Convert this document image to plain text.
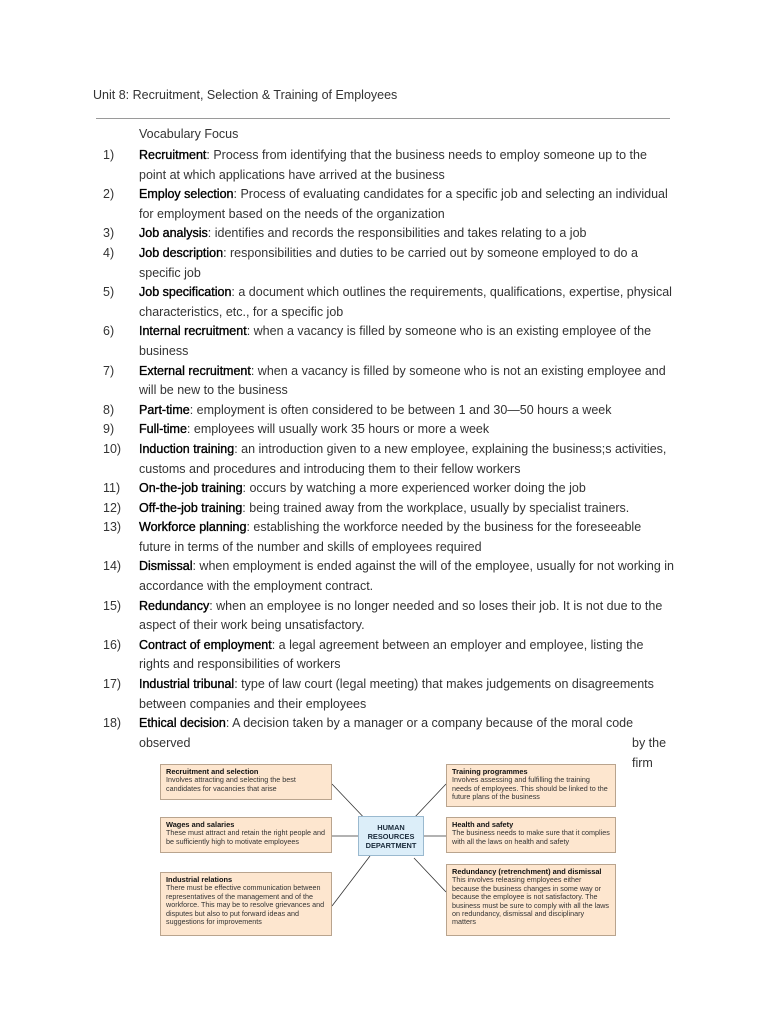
Unit 8: Recruitment, Selection & Training of Employees
Vocabulary Focus
1)	Recruitment: Process from identifying that the business needs to employ someone up to the point at which applications have arrived at the business
2)	Employ selection: Process of evaluating candidates for a specific job and selecting an individual for employment based on the needs of the organization
3)	Job analysis: identifies and records the responsibilities and takes relating to a job
4)	Job description: responsibilities and duties to be carried out by someone employed to do a specific job
5)	Job specification: a document which outlines the requirements, qualifications, expertise, physical characteristics, etc., for a specific job
6)	Internal recruitment: when a vacancy is filled by someone who is an existing employee of the business
7)	External recruitment: when a vacancy is filled by someone who is not an existing employee and will be new to the business
8)	Part-time: employment is often considered to be between 1 and 30—50 hours a week
9)	Full-time: employees will usually work 35 hours or more a week
10)	Induction training: an introduction given to a new employee, explaining the business;s activities, customs and procedures and introducing them to their fellow workers
11)	On-the-job training: occurs by watching a more experienced worker doing the job
12)	Off-the-job training: being trained away from the workplace, usually by specialist trainers.
13)	Workforce planning: establishing the workforce needed by the business for the foreseeable future in terms of the number and skills of employees required
14)	Dismissal: when employment is ended against the will of the employee, usually for not working in accordance with the employment contract.
15)	Redundancy: when an employee is no longer needed and so loses their job. It is not due to the aspect of their work being unsatisfactory.
16)	Contract of employment: a legal agreement between an employer and employee, listing the rights and responsibilities of workers
17)	Industrial tribunal: type of law court (legal meeting) that makes judgements on disagreements between companies and their employees
18)	Ethical decision: A decision taken by a manager or a company because of the moral code observed	by the
firm
Recruitment and selection
Involves attracting and selecting the best candidates for vacancies that arise
Wages and salaries
These must attract and retain the right people and be sufficiently high to motivate employees
Industrial relations
There must be effective communication between representatives of the management and of the workforce. This may be to resolve grievances and disputes but also to put forward ideas and suggestions for improvements
HUMAN RESOURCES DEPARTMENT
Training programmes
Involves assessing and fulfilling the training needs of employees. This should be linked to the future plans of the business
Health and safety
The business needs to make sure that it complies with all the laws on health and safety
Redundancy (retrenchment) and dismissal
This involves releasing employees either because the business changes in some way or because the employee is not satisfactory. The business must be sure to comply with all the laws on redundancy, dismissal and disciplinary matters
